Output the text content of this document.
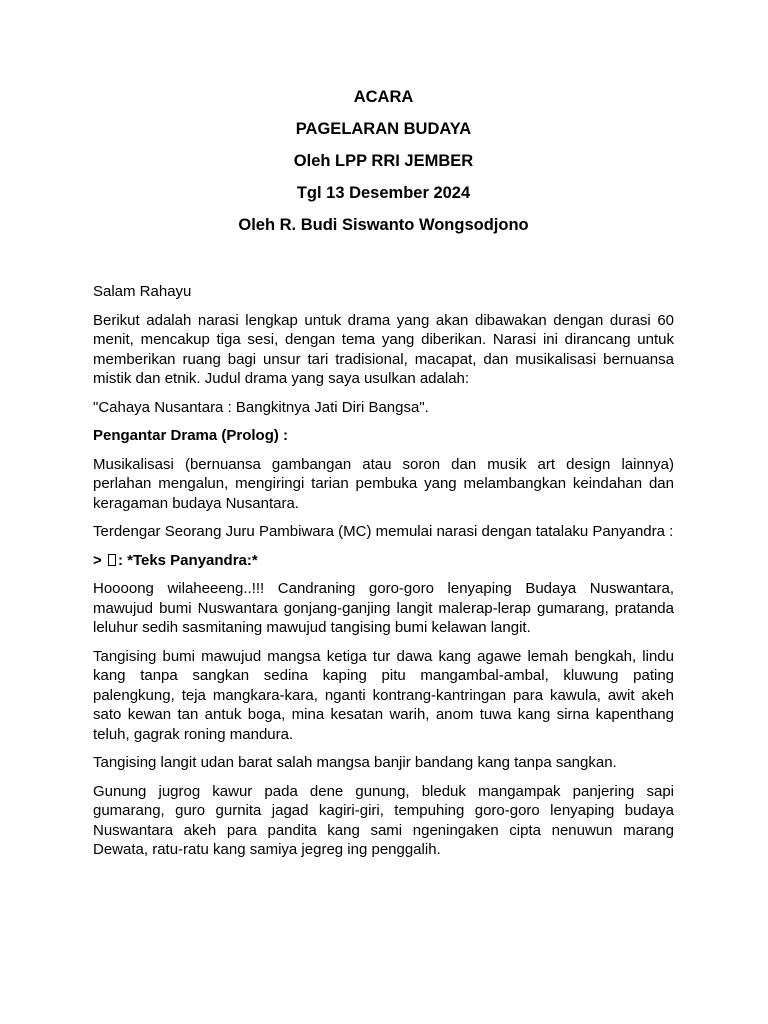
ACARA
PAGELARAN BUDAYA
Oleh LPP RRI JEMBER
Tgl 13 Desember 2024
Oleh R. Budi Siswanto Wongsodjono

Salam Rahayu

Berikut adalah narasi lengkap untuk drama yang akan dibawakan dengan durasi 60 menit, mencakup tiga sesi, dengan tema yang diberikan. Narasi ini dirancang untuk memberikan ruang bagi unsur tari tradisional, macapat, dan musikalisasi bernuansa mistik dan etnik. Judul drama yang saya usulkan adalah:

"Cahaya Nusantara : Bangkitnya Jati Diri Bangsa".

Pengantar Drama (Prolog) :

Musikalisasi (bernuansa gambangan atau soron dan musik art design lainnya) perlahan mengalun, mengiringi tarian pembuka yang melambangkan keindahan dan keragaman budaya Nusantara.

Terdengar Seorang Juru Pambiwara (MC) memulai narasi dengan tatalaku Panyandra :

> : *Teks Panyandra:*

Hoooong wilaheeeng..!!! Candraning goro-goro lenyaping Budaya Nuswantara, mawujud bumi Nuswantara gonjang-ganjing langit malerap-lerap gumarang, pratanda leluhur sedih sasmitaning mawujud tangising bumi kelawan langit.

Tangising bumi mawujud mangsa ketiga tur dawa kang agawe lemah bengkah, lindu kang tanpa sangkan sedina kaping pitu mangambal-ambal, kluwung pating palengkung, teja mangkara-kara, nganti kontrang-kantringan para kawula, awit akeh sato kewan tan antuk boga, mina kesatan warih, anom tuwa kang sirna kapenthang teluh, gagrak roning mandura.

Tangising langit udan barat salah mangsa banjir bandang kang tanpa sangkan.

Gunung jugrog kawur pada dene gunung, bleduk mangampak panjering sapi gumarang, guro gurnita jagad kagiri-giri, tempuhing goro-goro lenyaping budaya Nuswantara akeh para pandita kang sami ngeningaken cipta nenuwun marang Dewata, ratu-ratu kang samiya jegreg ing penggalih.
